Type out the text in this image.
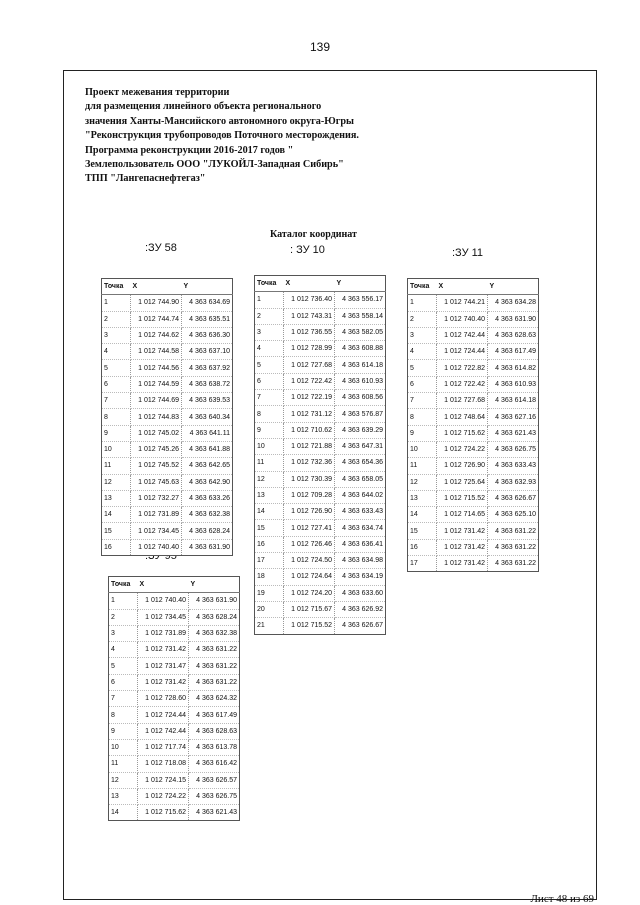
139
Проект межевания территории
для размещения линейного объекта регионального
значения Ханты-Мансийского автономного округа-Югры
"Реконструкция трубопроводов Поточного месторождения.
Программа реконструкции 2016-2017 годов "
Землепользователь ООО "ЛУКОЙЛ-Западная Сибирь"
ТПП "Лангепаснефтегаз"
Каталог координат
:ЗУ 58	: ЗУ 10	:ЗУ 11
Точка	X	Y
1	1 012 744.90	4 363 634.69
2	1 012 744.74	4 363 635.51
3	1 012 744.62	4 363 636.30
4	1 012 744.58	4 363 637.10
5	1 012 744.56	4 363 637.92
6	1 012 744.59	4 363 638.72
7	1 012 744.69	4 363 639.53
8	1 012 744.83	4 363 640.34
9	1 012 745.02	4 363 641.11
10	1 012 745.26	4 363 641.88
11	1 012 745.52	4 363 642.65
12	1 012 745.63	4 363 642.90
13	1 012 732.27	4 363 633.26
14	1 012 731.89	4 363 632.38
15	1 012 734.45	4 363 628.24
16	1 012 740.40	4 363 631.90
Точка	X	Y
1	1 012 736.40	4 363 556.17
2	1 012 743.31	4 363 558.14
3	1 012 736.55	4 363 582.05
4	1 012 728.99	4 363 608.88
5	1 012 727.68	4 363 614.18
6	1 012 722.42	4 363 610.93
7	1 012 722.19	4 363 608.56
8	1 012 731.12	4 363 576.87
9	1 012 710.62	4 363 639.29
10	1 012 721.88	4 363 647.31
11	1 012 732.36	4 363 654.36
12	1 012 730.39	4 363 658.05
13	1 012 709.28	4 363 644.02
14	1 012 726.90	4 363 633.43
15	1 012 727.41	4 363 634.74
16	1 012 726.46	4 363 636.41
17	1 012 724.50	4 363 634.98
18	1 012 724.64	4 363 634.19
19	1 012 724.20	4 363 633.60
20	1 012 715.67	4 363 626.92
21	1 012 715.52	4 363 626.67
Точка	X	Y
1	1 012 744.21	4 363 634.28
2	1 012 740.40	4 363 631.90
3	1 012 742.44	4 363 628.63
4	1 012 724.44	4 363 617.49
5	1 012 722.82	4 363 614.82
6	1 012 722.42	4 363 610.93
7	1 012 727.68	4 363 614.18
8	1 012 748.64	4 363 627.16
9	1 012 715.62	4 363 621.43
10	1 012 724.22	4 363 626.75
11	1 012 726.90	4 363 633.43
12	1 012 725.64	4 363 632.93
13	1 012 715.52	4 363 626.67
14	1 012 714.65	4 363 625.10
15	1 012 731.42	4 363 631.22
16	1 012 731.42	4 363 631.22
17	1 012 731.42	4 363 631.22
Точка	X	Y
1	1 012 740.40	4 363 631.90
2	1 012 734.45	4 363 628.24
3	1 012 731.89	4 363 632.38
4	1 012 731.42	4 363 631.22
5	1 012 731.47	4 363 631.22
6	1 012 731.42	4 363 631.22
7	1 012 728.60	4 363 624.32
8	1 012 724.44	4 363 617.49
9	1 012 742.44	4 363 628.63
10	1 012 717.74	4 363 613.78
11	1 012 718.08	4 363 616.42
12	1 012 724.15	4 363 626.57
13	1 012 724.22	4 363 626.75
14	1 012 715.62	4 363 621.43
Лист 48 из 69
